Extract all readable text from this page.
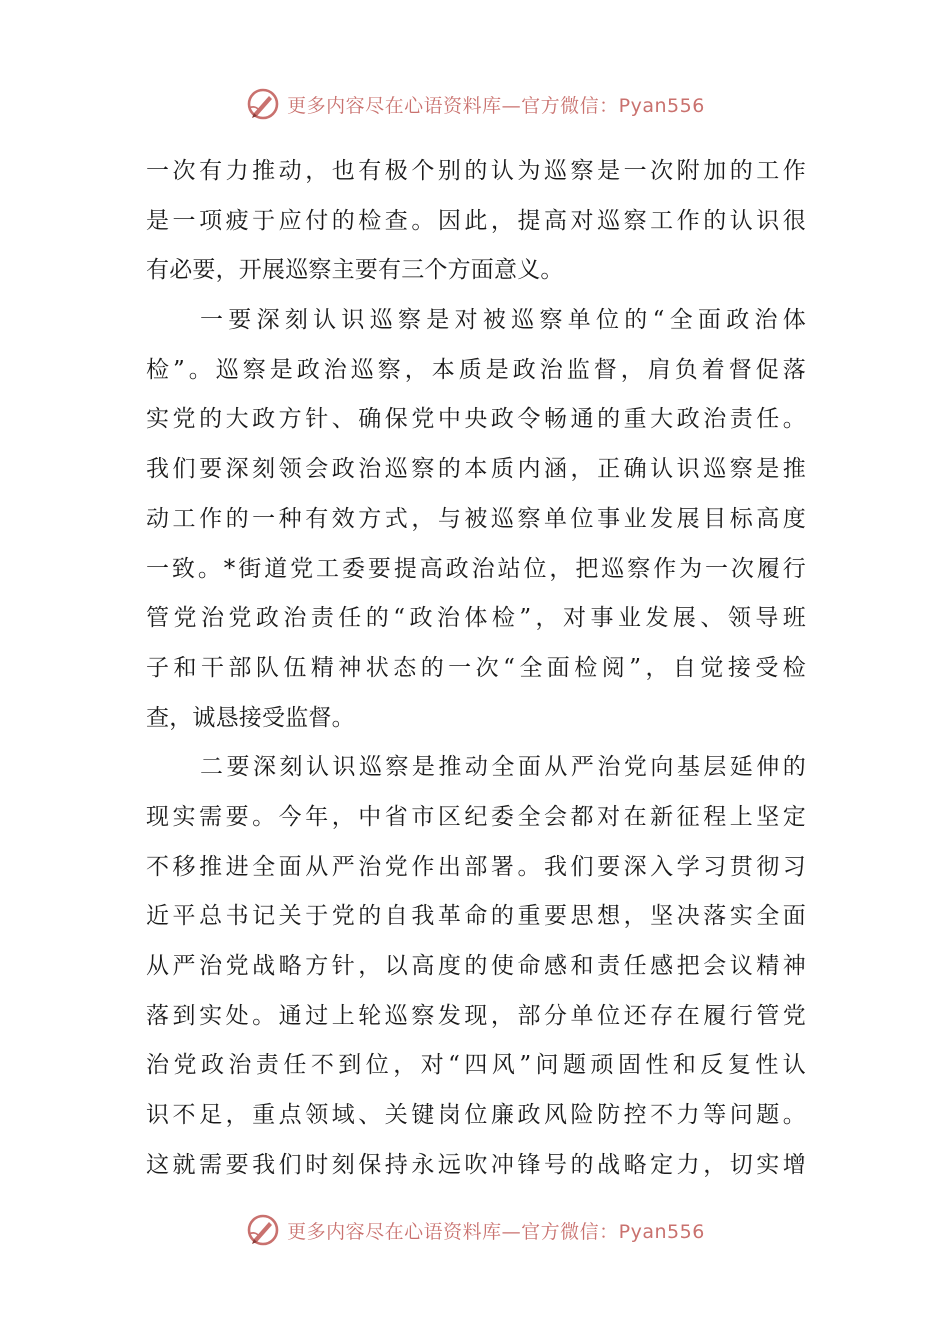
更多内容尽在心语资料库—官方微信：Pyan556
一次有力推动，也有极个别的认为巡察是一次附加的工作
是一项疲于应付的检查。因此，提高对巡察工作的认识很
有必要，开展巡察主要有三个方面意义。
一要深刻认识巡察是对被巡察单位的“全面政治体
检”。巡察是政治巡察，本质是政治监督，肩负着督促落
实党的大政方针、确保党中央政令畅通的重大政治责任。
我们要深刻领会政治巡察的本质内涵，正确认识巡察是推
动工作的一种有效方式，与被巡察单位事业发展目标高度
一致。*街道党工委要提高政治站位，把巡察作为一次履行
管党治党政治责任的“政治体检”，对事业发展、领导班
子和干部队伍精神状态的一次“全面检阅”，自觉接受检
查，诚恳接受监督。
二要深刻认识巡察是推动全面从严治党向基层延伸的
现实需要。今年，中省市区纪委全会都对在新征程上坚定
不移推进全面从严治党作出部署。我们要深入学习贯彻习
近平总书记关于党的自我革命的重要思想，坚决落实全面
从严治党战略方针，以高度的使命感和责任感把会议精神
落到实处。通过上轮巡察发现，部分单位还存在履行管党
治党政治责任不到位，对“四风”问题顽固性和反复性认
识不足，重点领域、关键岗位廉政风险防控不力等问题。
这就需要我们时刻保持永远吹冲锋号的战略定力，切实增
更多内容尽在心语资料库—官方微信：Pyan556
